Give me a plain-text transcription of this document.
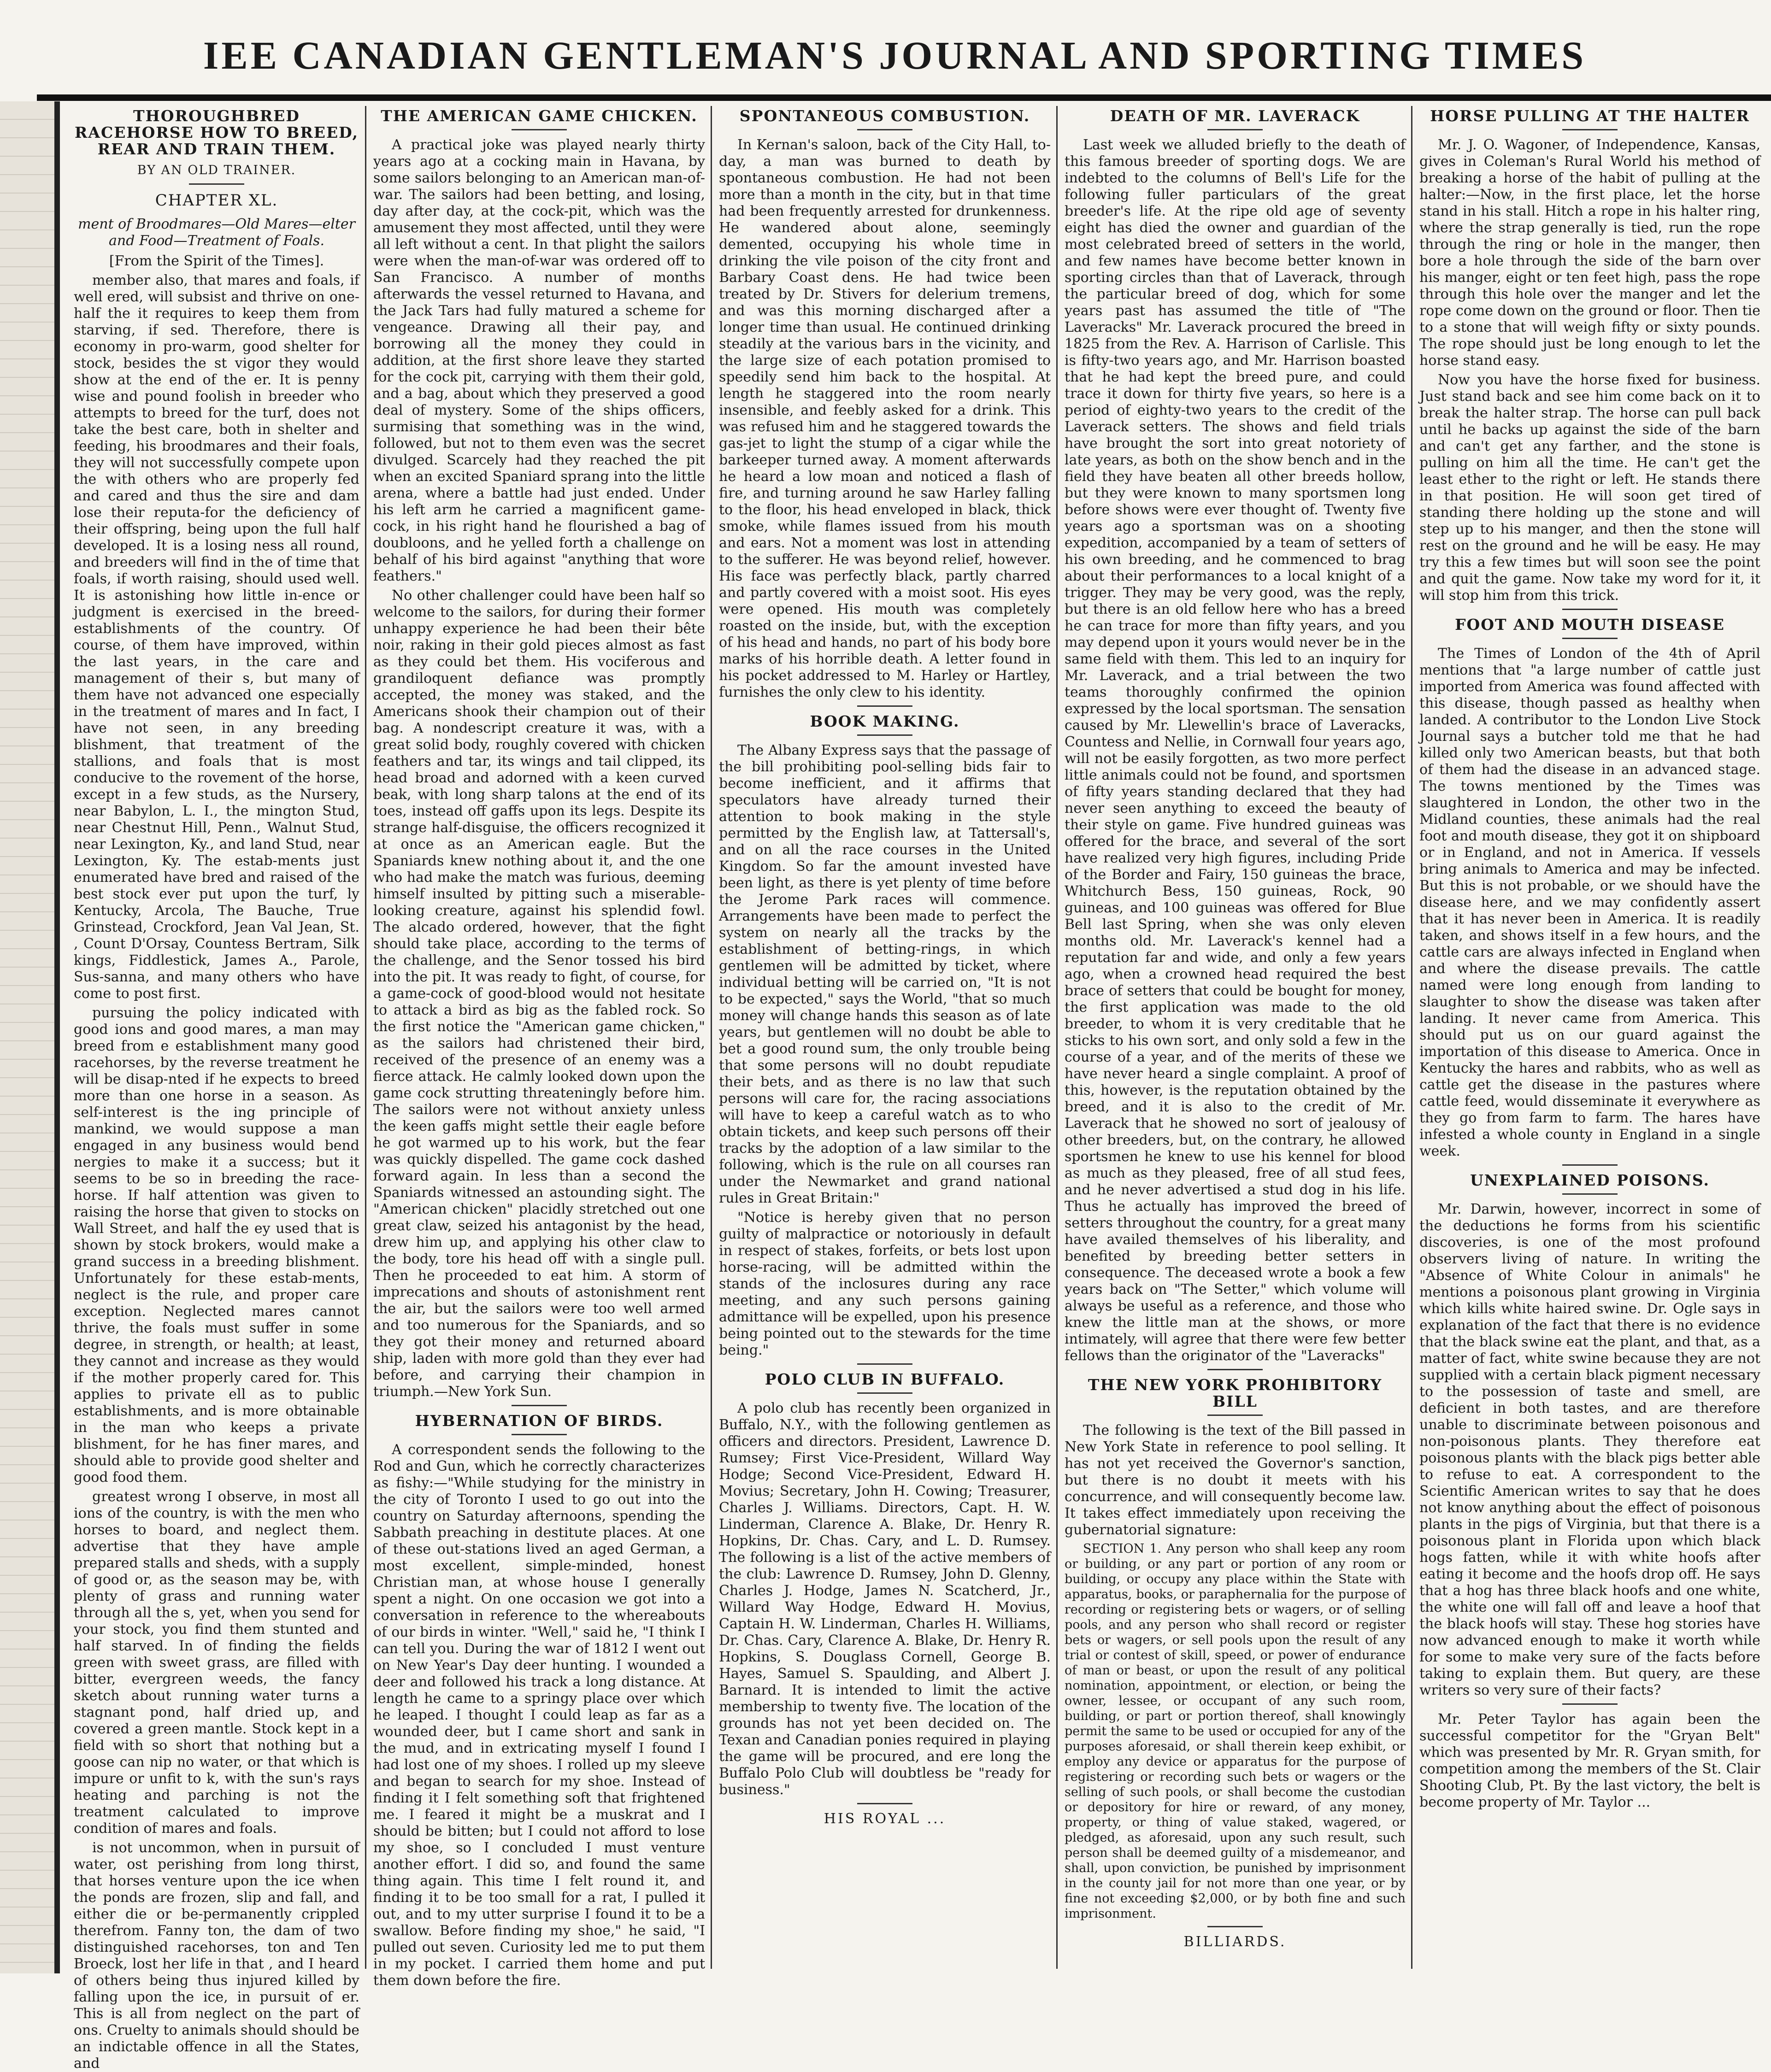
IEE CANADIAN GENTLEMAN'S JOURNAL AND SPORTING TIMES
THOROUGHBRED RACEHORSE HOW TO BREED, REAR AND TRAIN THEM.
BY AN OLD TRAINER.
CHAPTER XL.
ment of Broodmares—Old Mares—elter and Food—Treatment of Foals.

[From the Spirit of the Times].

member also, that mares and foals, if well ered, will subsist and thrive on one-half the it requires to keep them from starving, if sed. Therefore, there is economy in pro-warm, good shelter for stock, besides the st vigor they would show at the end of the er. It is penny wise and pound foolish in breeder who attempts to breed for the turf, does not take the best care, both in shelter and feeding, his broodmares and their foals, they will not successfully compete upon the with others who are properly fed and cared and thus the sire and dam lose their reputa-for the deficiency of their offspring, being upon the full half developed. It is a losing ness all round, and breeders will find in the of time that foals, if worth raising, should used well. It is astonishing how little in-ence or judgment is exercised in the breed-establishments of the country. Of course, of them have improved, within the last years, in the care and management of their s, but many of them have not advanced one especially in the treatment of mares and In fact, I have not seen, in any breeding blishment, that treatment of the stallions, and foals that is most conducive to the rovement of the horse, except in a few studs, as the Nursery, near Babylon, L. I., the mington Stud, near Chestnut Hill, Penn., Walnut Stud, near Lexington, Ky., and land Stud, near Lexington, Ky. The estab-ments just enumerated have bred and raised of the best stock ever put upon the turf, ly Kentucky, Arcola, The Bauche, True Grinstead, Crockford, Jean Val Jean, St. , Count D'Orsay, Countess Bertram, Silk kings, Fiddlestick, James A., Parole, Sus-sanna, and many others who have come to post first.

pursuing the policy indicated with good ions and good mares, a man may breed from e establishment many good racehorses, by the reverse treatment he will be disap-nted if he expects to breed more than one horse in a season. As self-interest is the ing principle of mankind, we would suppose a man engaged in any business would bend nergies to make it a success; but it seems to be so in breeding the race-horse. If half attention was given to raising the horse that given to stocks on Wall Street, and half the ey used that is shown by stock brokers, would make a grand success in a breeding blishment. Unfortunately for these estab-ments, neglect is the rule, and proper care exception. Neglected mares cannot thrive, the foals must suffer in some degree, in strength, or health; at least, they cannot and increase as they would if the mother properly cared for. This applies to private ell as to public establishments, and is more obtainable in the man who keeps a private blishment, for he has finer mares, and should able to provide good shelter and good food them.

greatest wrong I observe, in most all ions of the country, is with the men who horses to board, and neglect them. advertise that they have ample prepared stalls and sheds, with a supply of good or, as the season may be, with plenty of grass and running water through all the s, yet, when you send for your stock, you find them stunted and half starved. In of finding the fields green with sweet grass, are filled with bitter, evergreen weeds, the fancy sketch about running water turns a stagnant pond, half dried up, and covered a green mantle. Stock kept in a field with so short that nothing but a goose can nip no water, or that which is impure or unfit to k, with the sun's rays heating and parching is not the treatment calculated to improve condition of mares and foals.

is not uncommon, when in pursuit of water, ost perishing from long thirst, that horses venture upon the ice when the ponds are frozen, slip and fall, and either die or be-permanently crippled therefrom. Fanny ton, the dam of two distinguished racehorses, ton and Ten Broeck, lost her life in that , and I heard of others being thus injured killed by falling upon the ice, in pursuit of er. This is all from neglect on the part of ons. Cruelty to animals should should be an indictable offence in all the States, and

THE AMERICAN GAME CHICKEN.

A practical joke was played nearly thirty years ago at a cocking main in Havana, by some sailors belonging to an American man-of-war. The sailors had been betting, and losing, day after day, at the cock-pit, which was the amusement they most affected, until they were all left without a cent. In that plight the sailors were when the man-of-war was ordered off to San Francisco. A number of months afterwards the vessel returned to Havana, and the Jack Tars had fully matured a scheme for vengeance. Drawing all their pay, and borrowing all the money they could in addition, at the first shore leave they started for the cock pit, carrying with them their gold, and a bag, about which they preserved a good deal of mystery. Some of the ships officers, surmising that something was in the wind, followed, but not to them even was the secret divulged. Scarcely had they reached the pit when an excited Spaniard sprang into the little arena, where a battle had just ended. Under his left arm he carried a magnificent game-cock, in his right hand he flourished a bag of doubloons, and he yelled forth a challenge on behalf of his bird against "anything that wore feathers."

No other challenger could have been half so welcome to the sailors, for during their former unhappy experience he had been their bête noir, raking in their gold pieces almost as fast as they could bet them. His vociferous and grandiloquent defiance was promptly accepted, the money was staked, and the Americans shook their champion out of their bag. A nondescript creature it was, with a great solid body, roughly covered with chicken feathers and tar, its wings and tail clipped, its head broad and adorned with a keen curved beak, with long sharp talons at the end of its toes, instead off gaffs upon its legs. Despite its strange half-disguise, the officers recognized it at once as an American eagle. But the Spaniards knew nothing about it, and the one who had make the match was furious, deeming himself insulted by pitting such a miserable-looking creature, against his splendid fowl. The alcado ordered, however, that the fight should take place, according to the terms of the challenge, and the Senor tossed his bird into the pit. It was ready to fight, of course, for a game-cock of good-blood would not hesitate to attack a bird as big as the fabled rock. So the first notice the "American game chicken," as the sailors had christened their bird, received of the presence of an enemy was a fierce attack. He calmly looked down upon the game cock strutting threateningly before him. The sailors were not without anxiety unless the keen gaffs might settle their eagle before he got warmed up to his work, but the fear was quickly dispelled. The game cock dashed forward again. In less than a second the Spaniards witnessed an astounding sight. The "American chicken" placidly stretched out one great claw, seized his antagonist by the head, drew him up, and applying his other claw to the body, tore his head off with a single pull. Then he proceeded to eat him. A storm of imprecations and shouts of astonishment rent the air, but the sailors were too well armed and too numerous for the Spaniards, and so they got their money and returned aboard ship, laden with more gold than they ever had before, and carrying their champion in triumph.—New York Sun.

HYBERNATION OF BIRDS.

A correspondent sends the following to the Rod and Gun, which he correctly characterizes as fishy:—"While studying for the ministry in the city of Toronto I used to go out into the country on Saturday afternoons, spending the Sabbath preaching in destitute places. At one of these out-stations lived an aged German, a most excellent, simple-minded, honest Christian man, at whose house I generally spent a night. On one occasion we got into a conversation in reference to the whereabouts of our birds in winter. "Well," said he, "I think I can tell you. During the war of 1812 I went out on New Year's Day deer hunting. I wounded a deer and followed his track a long distance. At length he came to a springy place over which he leaped. I thought I could leap as far as a wounded deer, but I came short and sank in the mud, and in extricating myself I found I had lost one of my shoes. I rolled up my sleeve and began to search for my shoe. Instead of finding it I felt something soft that frightened me. I feared it might be a muskrat and I should be bitten; but I could not afford to lose my shoe, so I concluded I must venture another effort. I did so, and found the same thing again. This time I felt round it, and finding it to be too small for a rat, I pulled it out, and to my utter surprise I found it to be a swallow. Before finding my shoe," he said, "I pulled out seven. Curiosity led me to put them in my pocket. I carried them home and put them down before the fire.

SPONTANEOUS COMBUSTION.

In Kernan's saloon, back of the City Hall, to-day, a man was burned to death by spontaneous combustion. He had not been more than a month in the city, but in that time had been frequently arrested for drunkenness. He wandered about alone, seemingly demented, occupying his whole time in drinking the vile poison of the city front and Barbary Coast dens. He had twice been treated by Dr. Stivers for delerium tremens, and was this morning discharged after a longer time than usual. He continued drinking steadily at the various bars in the vicinity, and the large size of each potation promised to speedily send him back to the hospital. At length he staggered into the room nearly insensible, and feebly asked for a drink. This was refused him and he staggered towards the gas-jet to light the stump of a cigar while the barkeeper turned away. A moment afterwards he heard a low moan and noticed a flash of fire, and turning around he saw Harley falling to the floor, his head enveloped in black, thick smoke, while flames issued from his mouth and ears. Not a moment was lost in attending to the sufferer. He was beyond relief, however. His face was perfectly black, partly charred and partly covered with a moist soot. His eyes were opened. His mouth was completely roasted on the inside, but, with the exception of his head and hands, no part of his body bore marks of his horrible death. A letter found in his pocket addressed to M. Harley or Hartley, furnishes the only clew to his identity.

BOOK MAKING.

The Albany Express says that the passage of the bill prohibiting pool-selling bids fair to become inefficient, and it affirms that speculators have already turned their attention to book making in the style permitted by the English law, at Tattersall's, and on all the race courses in the United Kingdom. So far the amount invested have been light, as there is yet plenty of time before the Jerome Park races will commence. Arrangements have been made to perfect the system on nearly all the tracks by the establishment of betting-rings, in which gentlemen will be admitted by ticket, where individual betting will be carried on, "It is not to be expected," says the World, "that so much money will change hands this season as of late years, but gentlemen will no doubt be able to bet a good round sum, the only trouble being that some persons will no doubt repudiate their bets, and as there is no law that such persons will care for, the racing associations will have to keep a careful watch as to who obtain tickets, and keep such persons off their tracks by the adoption of a law similar to the following, which is the rule on all courses ran under the Newmarket and grand national rules in Great Britain:"

"Notice is hereby given that no person guilty of malpractice or notoriously in default in respect of stakes, forfeits, or bets lost upon horse-racing, will be admitted within the stands of the inclosures during any race meeting, and any such persons gaining admittance will be expelled, upon his presence being pointed out to the stewards for the time being."

POLO CLUB IN BUFFALO.

A polo club has recently been organized in Buffalo, N.Y., with the following gentlemen as officers and directors. President, Lawrence D. Rumsey; First Vice-President, Willard Way Hodge; Second Vice-President, Edward H. Movius; Secretary, John H. Cowing; Treasurer, Charles J. Williams. Directors, Capt. H. W. Linderman, Clarence A. Blake, Dr. Henry R. Hopkins, Dr. Chas. Cary, and L. D. Rumsey. The following is a list of the active members of the club: Lawrence D. Rumsey, John D. Glenny, Charles J. Hodge, James N. Scatcherd, Jr., Willard Way Hodge, Edward H. Movius, Captain H. W. Linderman, Charles H. Williams, Dr. Chas. Cary, Clarence A. Blake, Dr. Henry R. Hopkins, S. Douglass Cornell, George B. Hayes, Samuel S. Spaulding, and Albert J. Barnard. It is intended to limit the active membership to twenty five. The location of the grounds has not yet been decided on. The Texan and Canadian ponies required in playing the game will be procured, and ere long the Buffalo Polo Club will doubtless be "ready for business."

HIS ROYAL ...
DEATH OF MR. LAVERACK

Last week we alluded briefly to the death of this famous breeder of sporting dogs. We are indebted to the columns of Bell's Life for the following fuller particulars of the great breeder's life. At the ripe old age of seventy eight has died the owner and guardian of the most celebrated breed of setters in the world, and few names have become better known in sporting circles than that of Laverack, through the particular breed of dog, which for some years past has assumed the title of "The Laveracks" Mr. Laverack procured the breed in 1825 from the Rev. A. Harrison of Carlisle. This is fifty-two years ago, and Mr. Harrison boasted that he had kept the breed pure, and could trace it down for thirty five years, so here is a period of eighty-two years to the credit of the Laverack setters. The shows and field trials have brought the sort into great notoriety of late years, as both on the show bench and in the field they have beaten all other breeds hollow, but they were known to many sportsmen long before shows were ever thought of. Twenty five years ago a sportsman was on a shooting expedition, accompanied by a team of setters of his own breeding, and he commenced to brag about their performances to a local knight of a trigger. They may be very good, was the reply, but there is an old fellow here who has a breed he can trace for more than fifty years, and you may depend upon it yours would never be in the same field with them. This led to an inquiry for Mr. Laverack, and a trial between the two teams thoroughly confirmed the opinion expressed by the local sportsman. The sensation caused by Mr. Llewellin's brace of Laveracks, Countess and Nellie, in Cornwall four years ago, will not be easily forgotten, as two more perfect little animals could not be found, and sportsmen of fifty years standing declared that they had never seen anything to exceed the beauty of their style on game. Five hundred guineas was offered for the brace, and several of the sort have realized very high figures, including Pride of the Border and Fairy, 150 guineas the brace, Whitchurch Bess, 150 guineas, Rock, 90 guineas, and 100 guineas was offered for Blue Bell last Spring, when she was only eleven months old. Mr. Laverack's kennel had a reputation far and wide, and only a few years ago, when a crowned head required the best brace of setters that could be bought for money, the first application was made to the old breeder, to whom it is very creditable that he sticks to his own sort, and only sold a few in the course of a year, and of the merits of these we have never heard a single complaint. A proof of this, however, is the reputation obtained by the breed, and it is also to the credit of Mr. Laverack that he showed no sort of jealousy of other breeders, but, on the contrary, he allowed sportsmen he knew to use his kennel for blood as much as they pleased, free of all stud fees, and he never advertised a stud dog in his life. Thus he actually has improved the breed of setters throughout the country, for a great many have availed themselves of his liberality, and benefited by breeding better setters in consequence. The deceased wrote a book a few years back on "The Setter," which volume will always be useful as a reference, and those who knew the little man at the shows, or more intimately, will agree that there were few better fellows than the originator of the "Laveracks"

THE NEW YORK PROHIBITORY BILL

The following is the text of the Bill passed in New York State in reference to pool selling. It has not yet received the Governor's sanction, but there is no doubt it meets with his concurrence, and will consequently become law. It takes effect immediately upon receiving the gubernatorial signature:

SECTION 1. Any person who shall keep any room or building, or any part or portion of any room or building, or occupy any place within the State with apparatus, books, or paraphernalia for the purpose of recording or registering bets or wagers, or of selling pools, and any person who shall record or register bets or wagers, or sell pools upon the result of any trial or contest of skill, speed, or power of endurance of man or beast, or upon the result of any political nomination, appointment, or election, or being the owner, lessee, or occupant of any such room, building, or part or portion thereof, shall knowingly permit the same to be used or occupied for any of the purposes aforesaid, or shall therein keep exhibit, or employ any device or apparatus for the purpose of registering or recording such bets or wagers or the selling of such pools, or shall become the custodian or depository for hire or reward, of any money, property, or thing of value staked, wagered, or pledged, as aforesaid, upon any such result, such person shall be deemed guilty of a misdemeanor, and shall, upon conviction, be punished by imprisonment in the county jail for not more than one year, or by fine not exceeding $2,000, or by both fine and such imprisonment.

BILLIARDS.
HORSE PULLING AT THE HALTER

Mr. J. O. Wagoner, of Independence, Kansas, gives in Coleman's Rural World his method of breaking a horse of the habit of pulling at the halter:—Now, in the first place, let the horse stand in his stall. Hitch a rope in his halter ring, where the strap generally is tied, run the rope through the ring or hole in the manger, then bore a hole through the side of the barn over his manger, eight or ten feet high, pass the rope through this hole over the manger and let the rope come down on the ground or floor. Then tie to a stone that will weigh fifty or sixty pounds. The rope should just be long enough to let the horse stand easy.

Now you have the horse fixed for business. Just stand back and see him come back on it to break the halter strap. The horse can pull back until he backs up against the side of the barn and can't get any farther, and the stone is pulling on him all the time. He can't get the least ether to the right or left. He stands there in that position. He will soon get tired of standing there holding up the stone and will step up to his manger, and then the stone will rest on the ground and he will be easy. He may try this a few times but will soon see the point and quit the game. Now take my word for it, it will stop him from this trick.

FOOT AND MOUTH DISEASE

The Times of London of the 4th of April mentions that "a large number of cattle just imported from America was found affected with this disease, though passed as healthy when landed. A contributor to the London Live Stock Journal says a butcher told me that he had killed only two American beasts, but that both of them had the disease in an advanced stage. The towns mentioned by the Times was slaughtered in London, the other two in the Midland counties, these animals had the real foot and mouth disease, they got it on shipboard or in England, and not in America. If vessels bring animals to America and may be infected. But this is not probable, or we should have the disease here, and we may confidently assert that it has never been in America. It is readily taken, and shows itself in a few hours, and the cattle cars are always infected in England when and where the disease prevails. The cattle named were long enough from landing to slaughter to show the disease was taken after landing. It never came from America. This should put us on our guard against the importation of this disease to America. Once in Kentucky the hares and rabbits, who as well as cattle get the disease in the pastures where cattle feed, would disseminate it everywhere as they go from farm to farm. The hares have infested a whole county in England in a single week.

UNEXPLAINED POISONS.

Mr. Darwin, however, incorrect in some of the deductions he forms from his scientific discoveries, is one of the most profound observers living of nature. In writing the "Absence of White Colour in animals" he mentions a poisonous plant growing in Virginia which kills white haired swine. Dr. Ogle says in explanation of the fact that there is no evidence that the black swine eat the plant, and that, as a matter of fact, white swine because they are not supplied with a certain black pigment necessary to the possession of taste and smell, are deficient in both tastes, and are therefore unable to discriminate between poisonous and non-poisonous plants. They therefore eat poisonous plants with the black pigs better able to refuse to eat. A correspondent to the Scientific American writes to say that he does not know anything about the effect of poisonous plants in the pigs of Virginia, but that there is a poisonous plant in Florida upon which black hogs fatten, while it with white hoofs after eating it become and the hoofs drop off. He says that a hog has three black hoofs and one white, the white one will fall off and leave a hoof that the black hoofs will stay. These hog stories have now advanced enough to make it worth while for some to make very sure of the facts before taking to explain them. But query, are these writers so very sure of their facts?

Mr. Peter Taylor has again been the successful competitor for the "Gryan Belt" which was presented by Mr. R. Gryan smith, for competition among the members of the St. Clair Shooting Club, Pt. By the last victory, the belt is become property of Mr. Taylor ...
